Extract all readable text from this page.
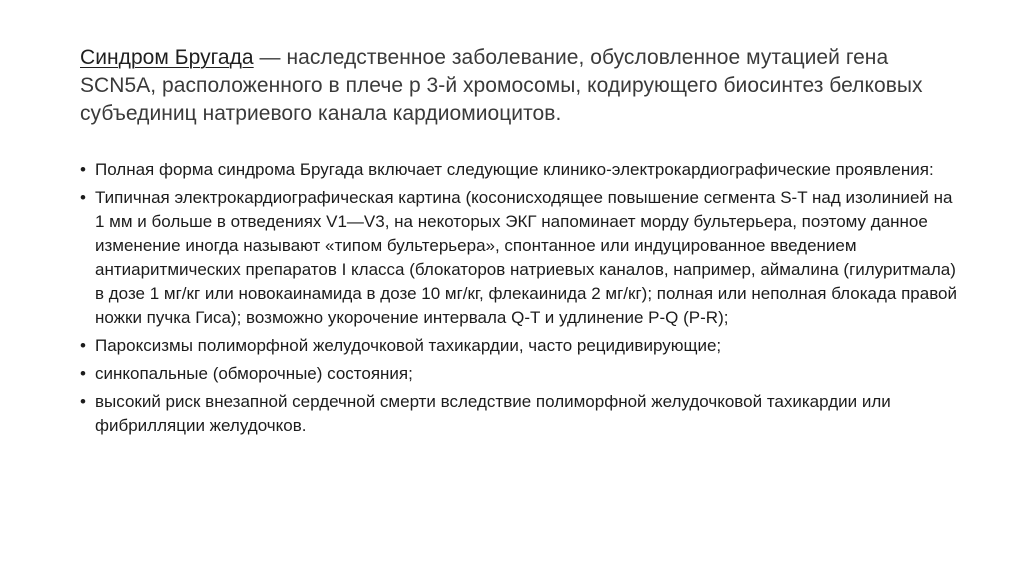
Синдром Бругада — наследственное заболевание, обусловленное мутацией гена SCN5A, расположенного в плече p 3-й хромосомы, кодирующего биосинтез белковых субъединиц натриевого канала кардиомиоцитов.
• Полная форма синдрома Бругада включает следующие клинико-электрокардиографические проявления:
• Типичная электрокардиографическая картина (косонисходящее повышение сегмента S-T над изолинией на 1 мм и больше в отведениях V1—V3, на некоторых ЭКГ напоминает морду бультерьера, поэтому данное изменение иногда называют «типом бультерьера», спонтанное или индуцированное введением антиаритмических препаратов I класса (блокаторов натриевых каналов, например, аймалина (гилуритмала) в дозе 1 мг/кг или новокаинамида в дозе 10 мг/кг, флекаинида 2 мг/кг); полная или неполная блокада правой ножки пучка Гиса); возможно укорочение интервала Q-T и удлинение P-Q (P-R);
• Пароксизмы полиморфной желудочковой тахикардии, часто рецидивирующие;
• синкопальные (обморочные) состояния;
• высокий риск внезапной сердечной смерти вследствие полиморфной желудочковой тахикардии или фибрилляции желудочков.
